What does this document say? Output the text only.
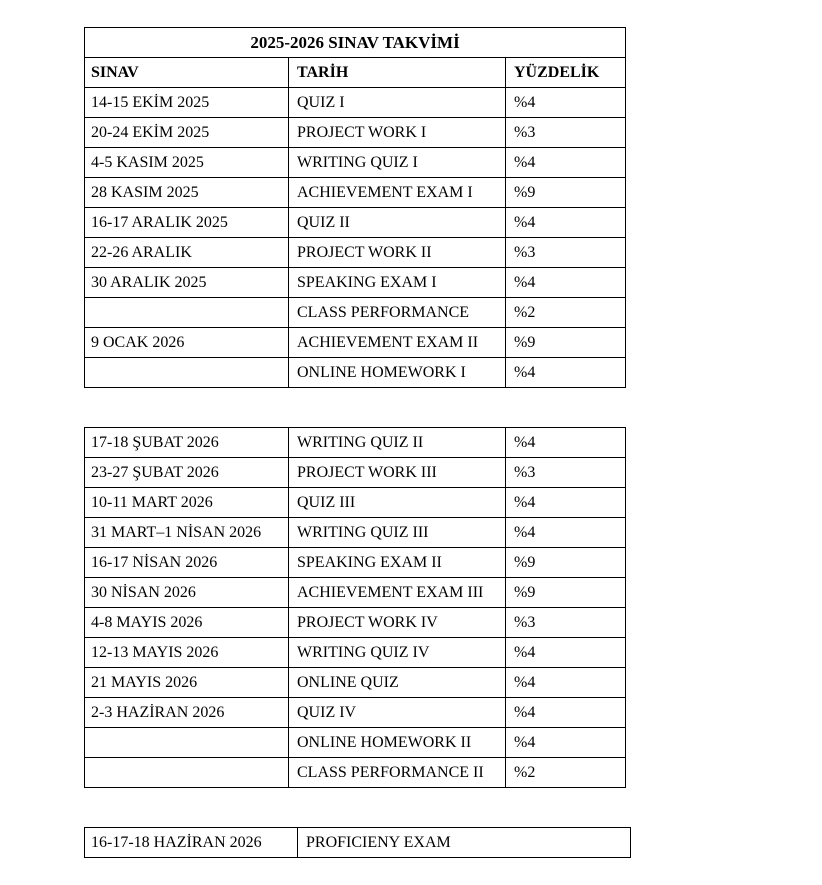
2025-2026 SINAV TAKVİMİ		
SINAV	TARİH	YÜZDELİK
14-15 EKİM 2025	QUIZ I	%4
20-24 EKİM 2025	PROJECT WORK I	%3
4-5 KASIM 2025	WRITING QUIZ I	%4
28 KASIM 2025	ACHIEVEMENT EXAM I	%9
16-17 ARALIK 2025	QUIZ II	%4
22-26 ARALIK	PROJECT WORK II	%3
30 ARALIK 2025	SPEAKING EXAM I	%4
	CLASS PERFORMANCE	%2
9 OCAK 2026	ACHIEVEMENT EXAM II	%9
	ONLINE HOMEWORK I	%4
17-18 ŞUBAT 2026	WRITING QUIZ II	%4
23-27 ŞUBAT 2026	PROJECT WORK III	%3
10-11 MART 2026	QUIZ III	%4
31 MART–1 NİSAN 2026	WRITING QUIZ III	%4
16-17 NİSAN 2026	SPEAKING EXAM II	%9
30 NİSAN 2026	ACHIEVEMENT EXAM III	%9
4-8 MAYIS 2026	PROJECT WORK IV	%3
12-13 MAYIS 2026	WRITING QUIZ IV	%4
21 MAYIS 2026	ONLINE QUIZ	%4
2-3 HAZİRAN 2026	QUIZ IV	%4
	ONLINE HOMEWORK II	%4
	CLASS PERFORMANCE II	%2
16-17-18 HAZİRAN 2026	PROFICIENY EXAM
